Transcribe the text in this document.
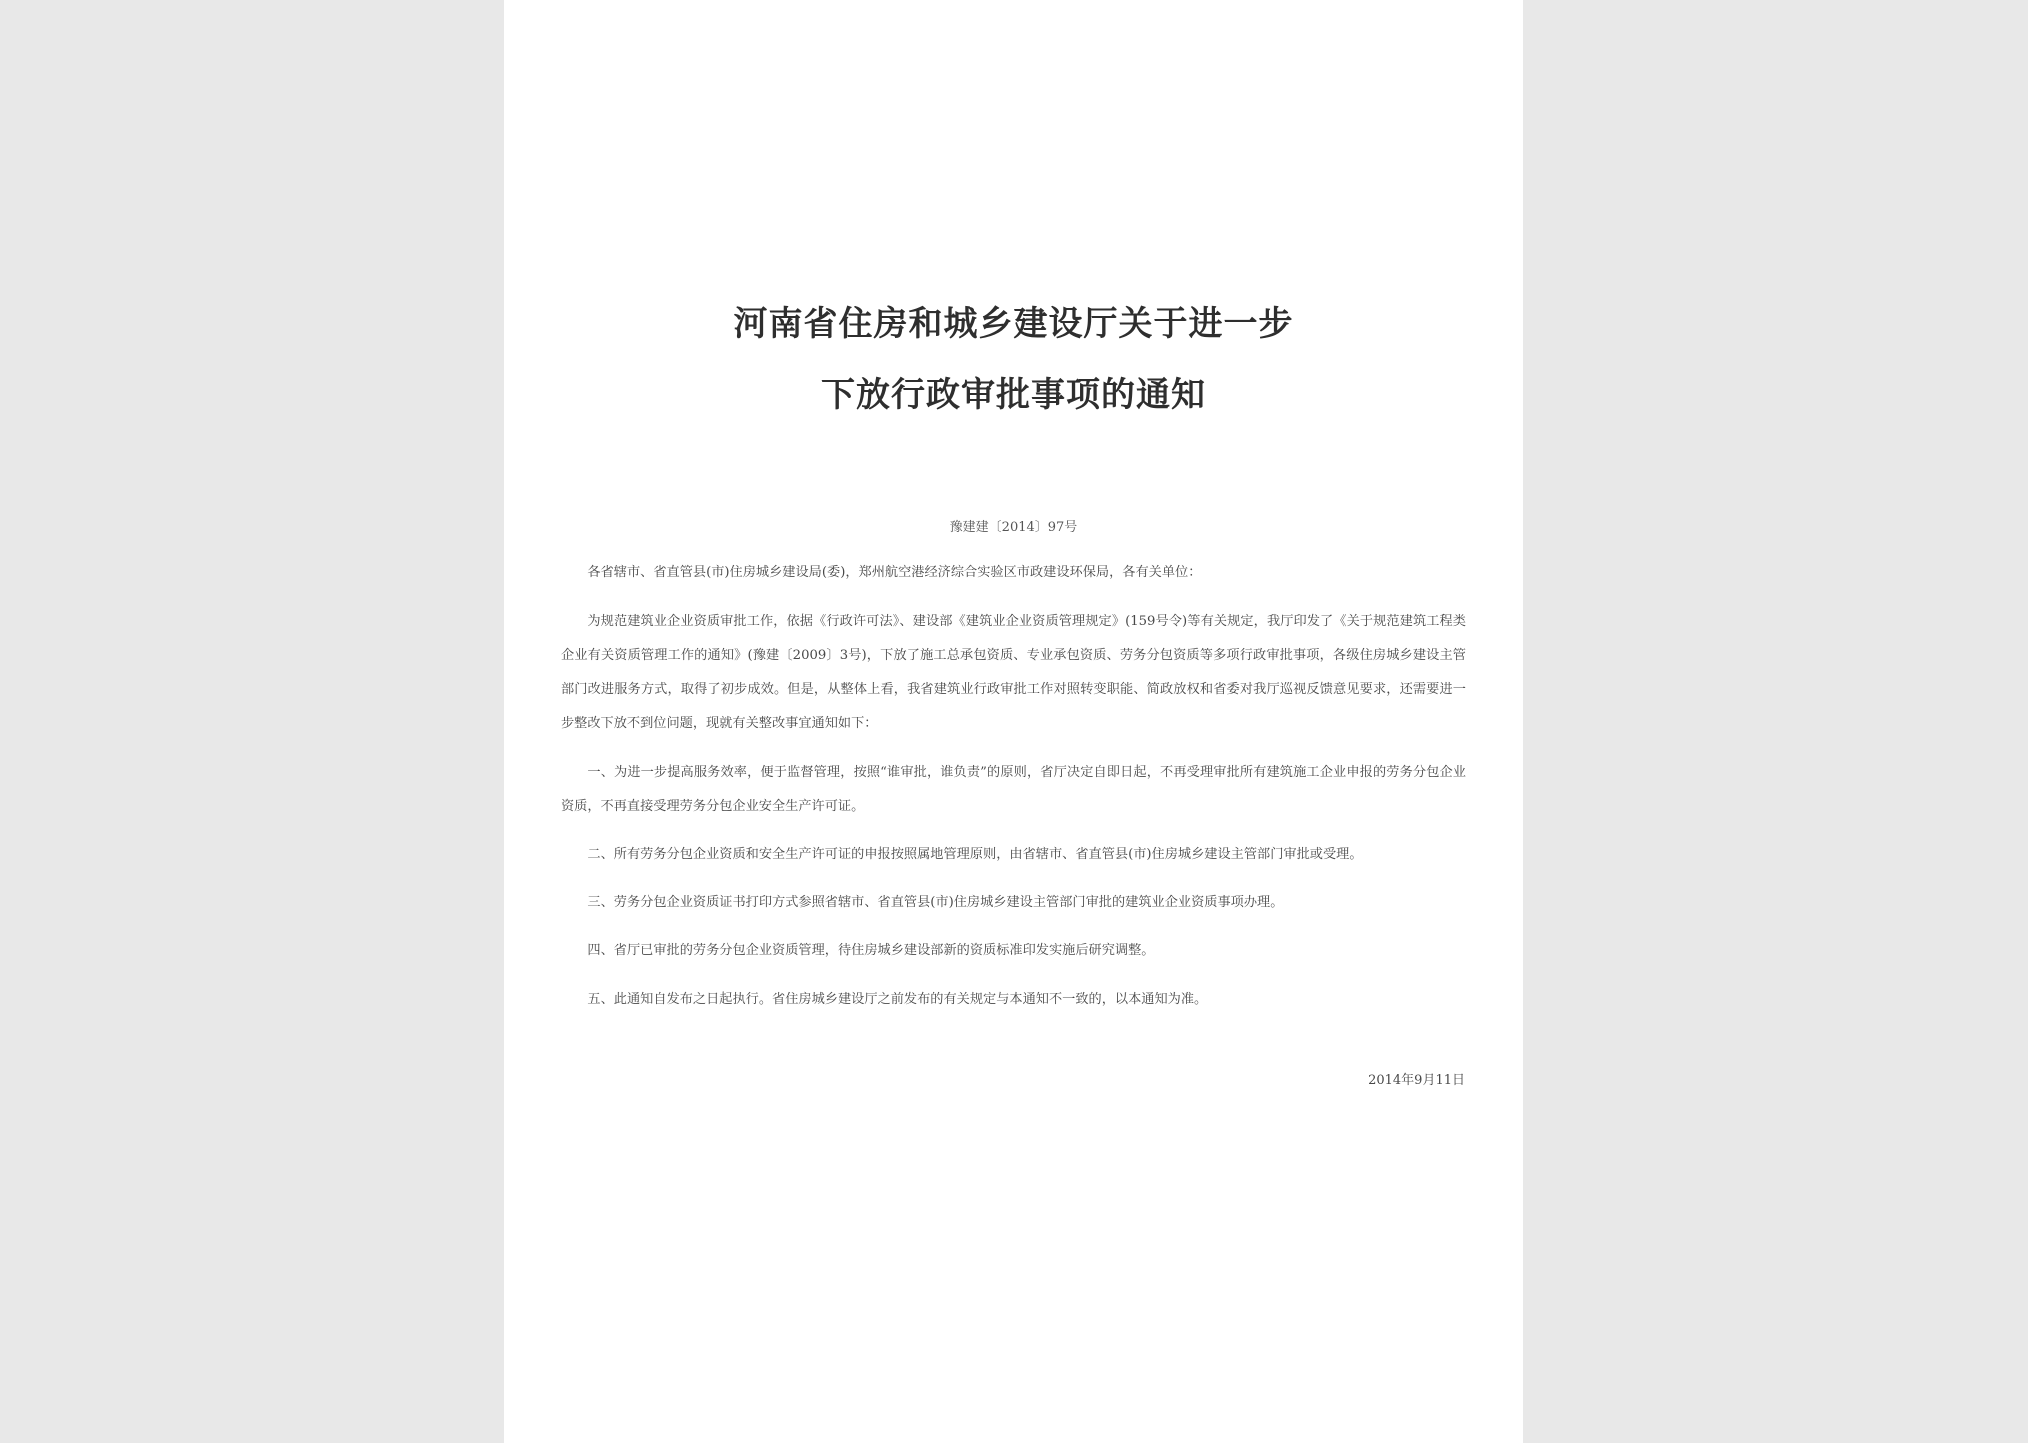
河南省住房和城乡建设厅关于进一步
下放行政审批事项的通知
豫建建〔2014〕97号

各省辖市、省直管县(市)住房城乡建设局(委)，郑州航空港经济综合实验区市政建设环保局，各有关单位：

为规范建筑业企业资质审批工作，依据《行政许可法》、建设部《建筑业企业资质管理规定》(159号令)等有关规定，我厅印发了《关于规范建筑工程类企业有关资质管理工作的通知》(豫建〔2009〕3号)，下放了施工总承包资质、专业承包资质、劳务分包资质等多项行政审批事项，各级住房城乡建设主管部门改进服务方式，取得了初步成效。但是，从整体上看，我省建筑业行政审批工作对照转变职能、简政放权和省委对我厅巡视反馈意见要求，还需要进一步整改下放不到位问题，现就有关整改事宜通知如下：

一、为进一步提高服务效率，便于监督管理，按照“谁审批，谁负责”的原则，省厅决定自即日起，不再受理审批所有建筑施工企业申报的劳务分包企业资质，不再直接受理劳务分包企业安全生产许可证。

二、所有劳务分包企业资质和安全生产许可证的申报按照属地管理原则，由省辖市、省直管县(市)住房城乡建设主管部门审批或受理。

三、劳务分包企业资质证书打印方式参照省辖市、省直管县(市)住房城乡建设主管部门审批的建筑业企业资质事项办理。

四、省厅已审批的劳务分包企业资质管理，待住房城乡建设部新的资质标准印发实施后研究调整。

五、此通知自发布之日起执行。省住房城乡建设厅之前发布的有关规定与本通知不一致的，以本通知为准。

2014年9月11日
